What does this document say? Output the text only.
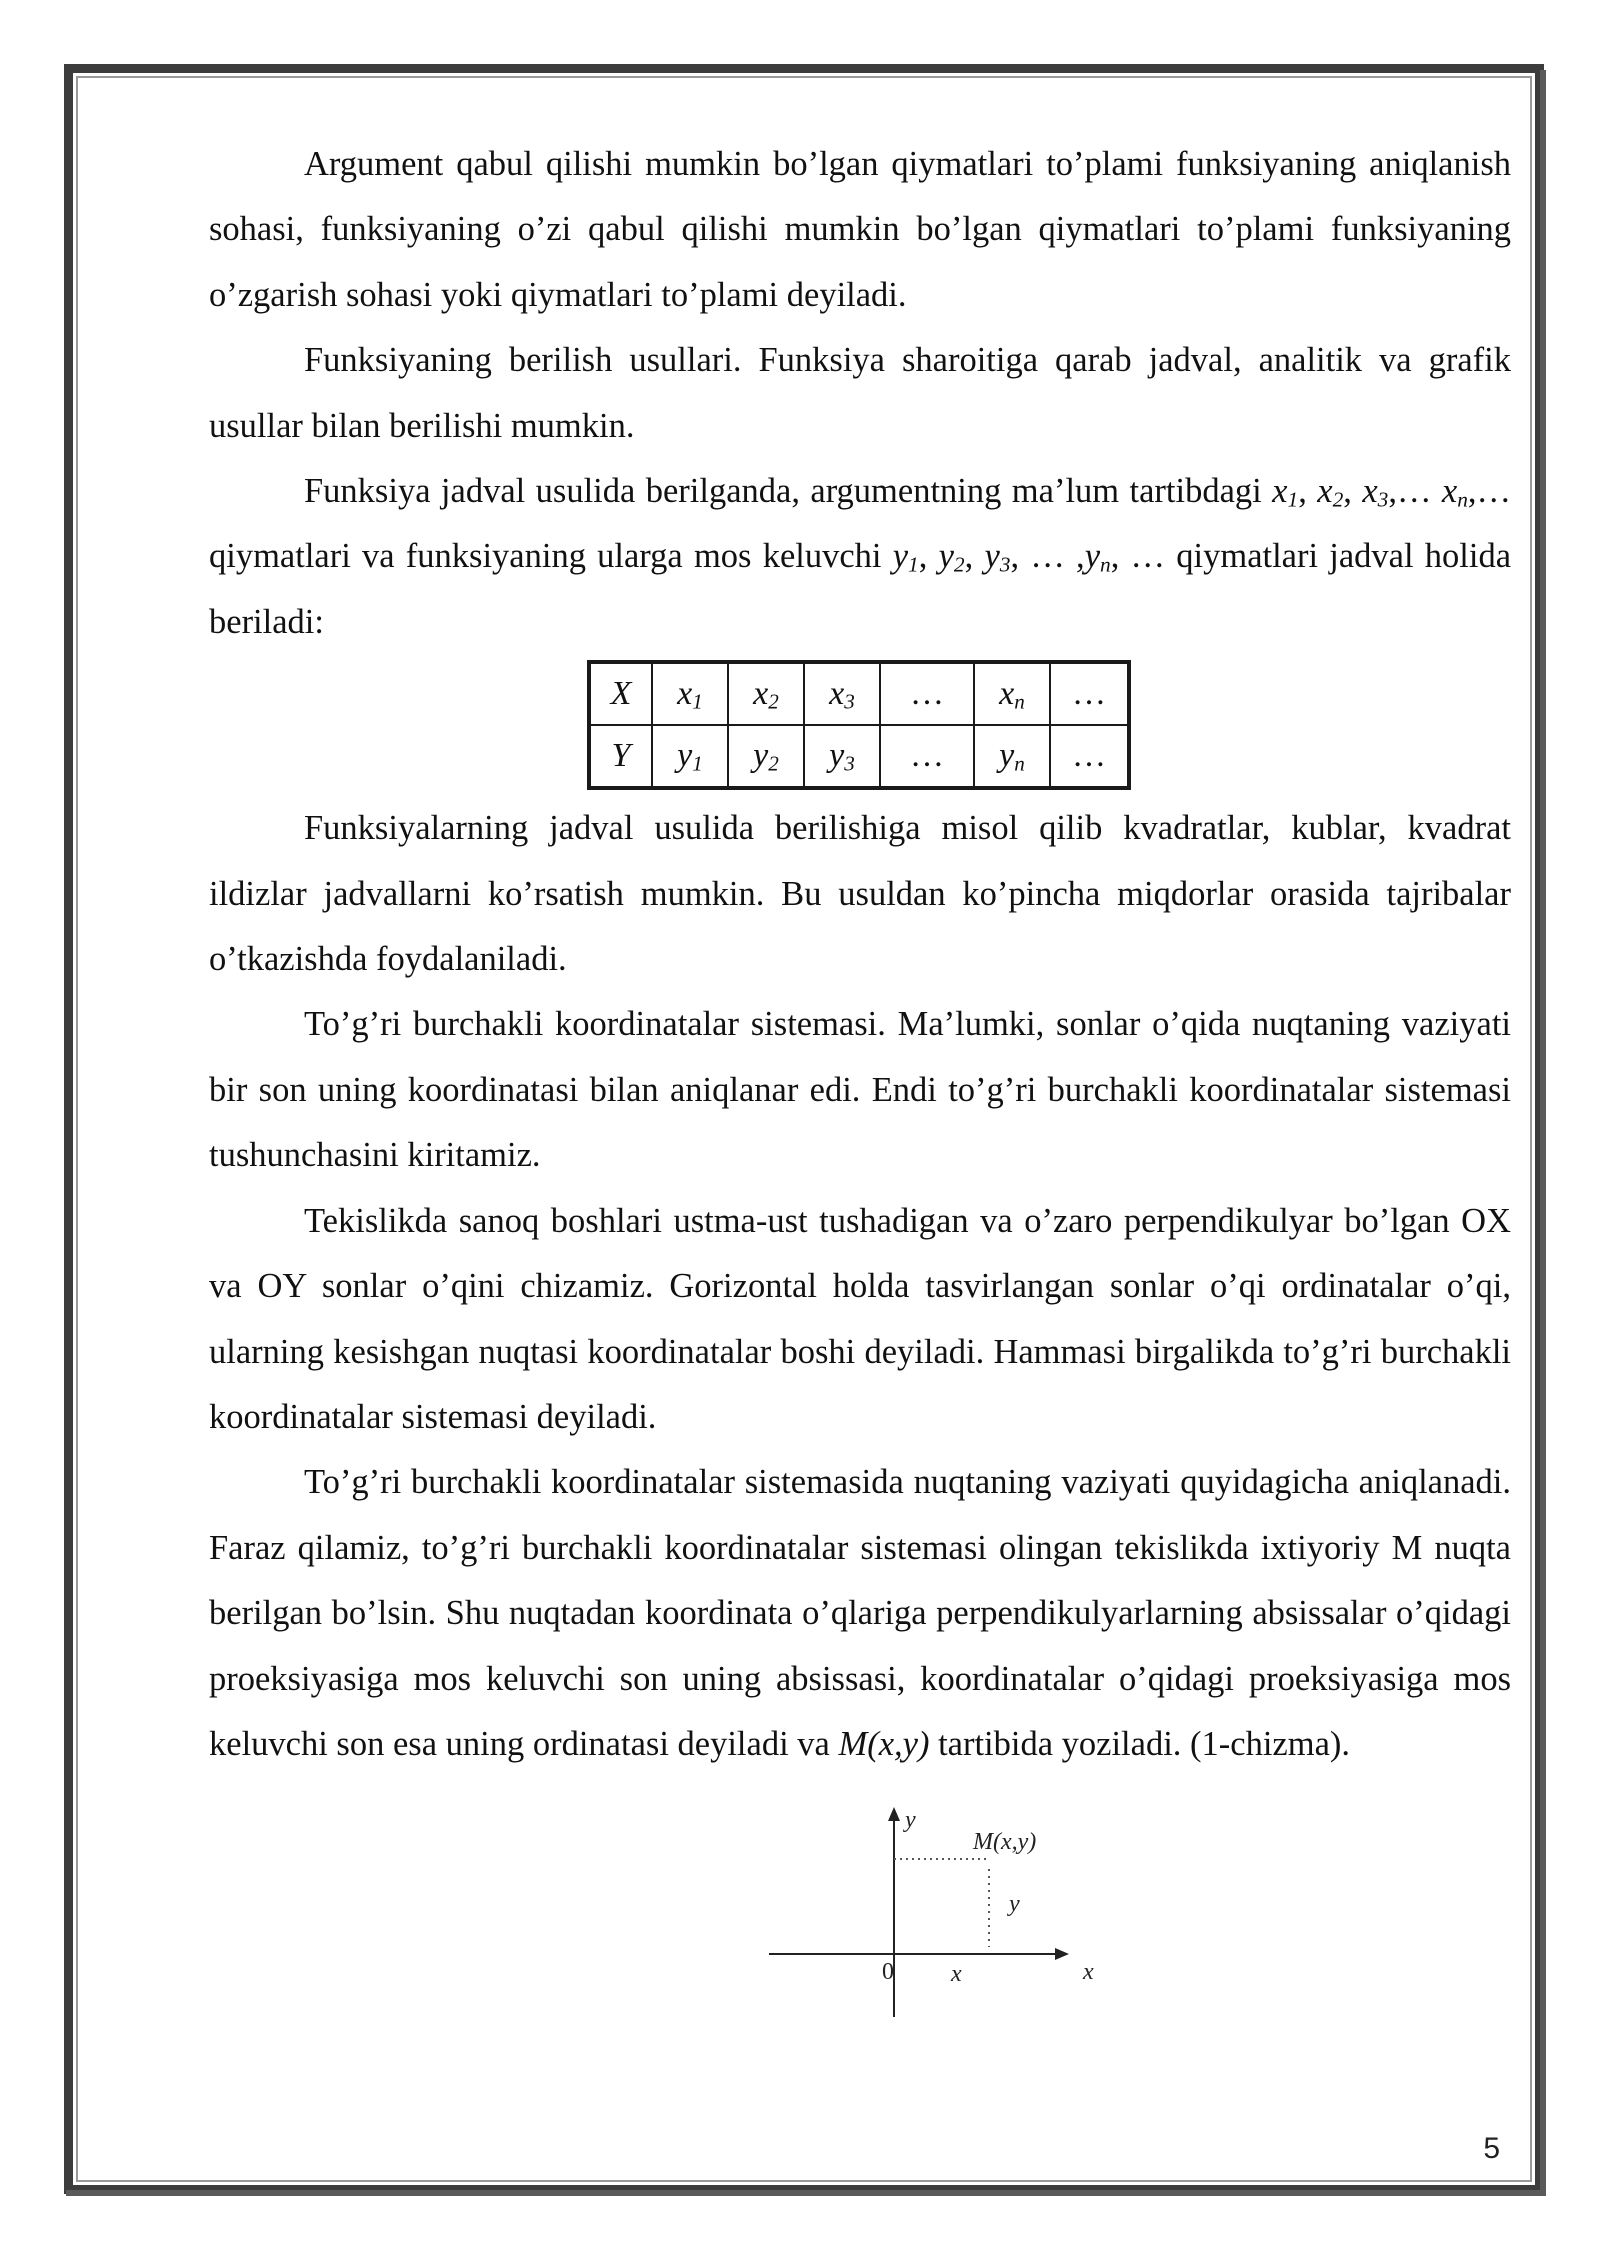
Argument qabul qilishi mumkin bo’lgan qiymatlari to’plami funksiyaning aniqlanish sohasi, funksiyaning o’zi qabul qilishi mumkin bo’lgan qiymatlari to’plami funksiyaning o’zgarish sohasi yoki qiymatlari to’plami deyiladi.

Funksiyaning berilish usullari. Funksiya sharoitiga qarab jadval, analitik va grafik usullar bilan berilishi mumkin.

Funksiya jadval usulida berilganda, argumentning ma’lum tartibdagi $x_1$, $x_2$, $x_3,\dots$ $x_n,\dots$ qiymatlari va funksiyaning ularga mos keluvchi $y_1$, $y_2$, $y_3$, … $,y_n$, … qiymatlari jadval holida beriladi:

X	$x_1$	$x_2$	$x_3$	…	$x_n$	…
Y	$y_1$	$y_2$	$y_3$	…	$y_n$	…

Funksiyalarning jadval usulida berilishiga misol qilib kvadratlar, kublar, kvadrat ildizlar jadvallarni ko’rsatish mumkin. Bu usuldan ko’pincha miqdorlar orasida tajribalar o’tkazishda foydalaniladi.

To’g’ri burchakli koordinatalar sistemasi. Ma’lumki, sonlar o’qida nuqtaning vaziyati bir son uning koordinatasi bilan aniqlanar edi. Endi to’g’ri burchakli koordinatalar sistemasi tushunchasini kiritamiz.

Tekislikda sanoq boshlari ustma-ust tushadigan va o’zaro perpendikulyar bo’lgan OX va OY sonlar o’qini chizamiz. Gorizontal holda tasvirlangan sonlar o’qi ordinatalar o’qi, ularning kesishgan nuqtasi koordinatalar boshi deyiladi. Hammasi birgalikda to’g’ri burchakli koordinatalar sistemasi deyiladi.

To’g’ri burchakli koordinatalar sistemasida nuqtaning vaziyati quyidagicha aniqlanadi. Faraz qilamiz, to’g’ri burchakli koordinatalar sistemasi olingan tekislikda ixtiyoriy M nuqta berilgan bo’lsin. Shu nuqtadan koordinata o’qlariga perpendikulyarlarning absissalar o’qidagi proeksiyasiga mos keluvchi son uning absissasi, koordinatalar o’qidagi proeksiyasiga mos keluvchi son esa uning ordinatasi deyiladi va M(x,y) tartibida yoziladi. (1-chizma).

y
x
0
M(x,y)
x
y
5
